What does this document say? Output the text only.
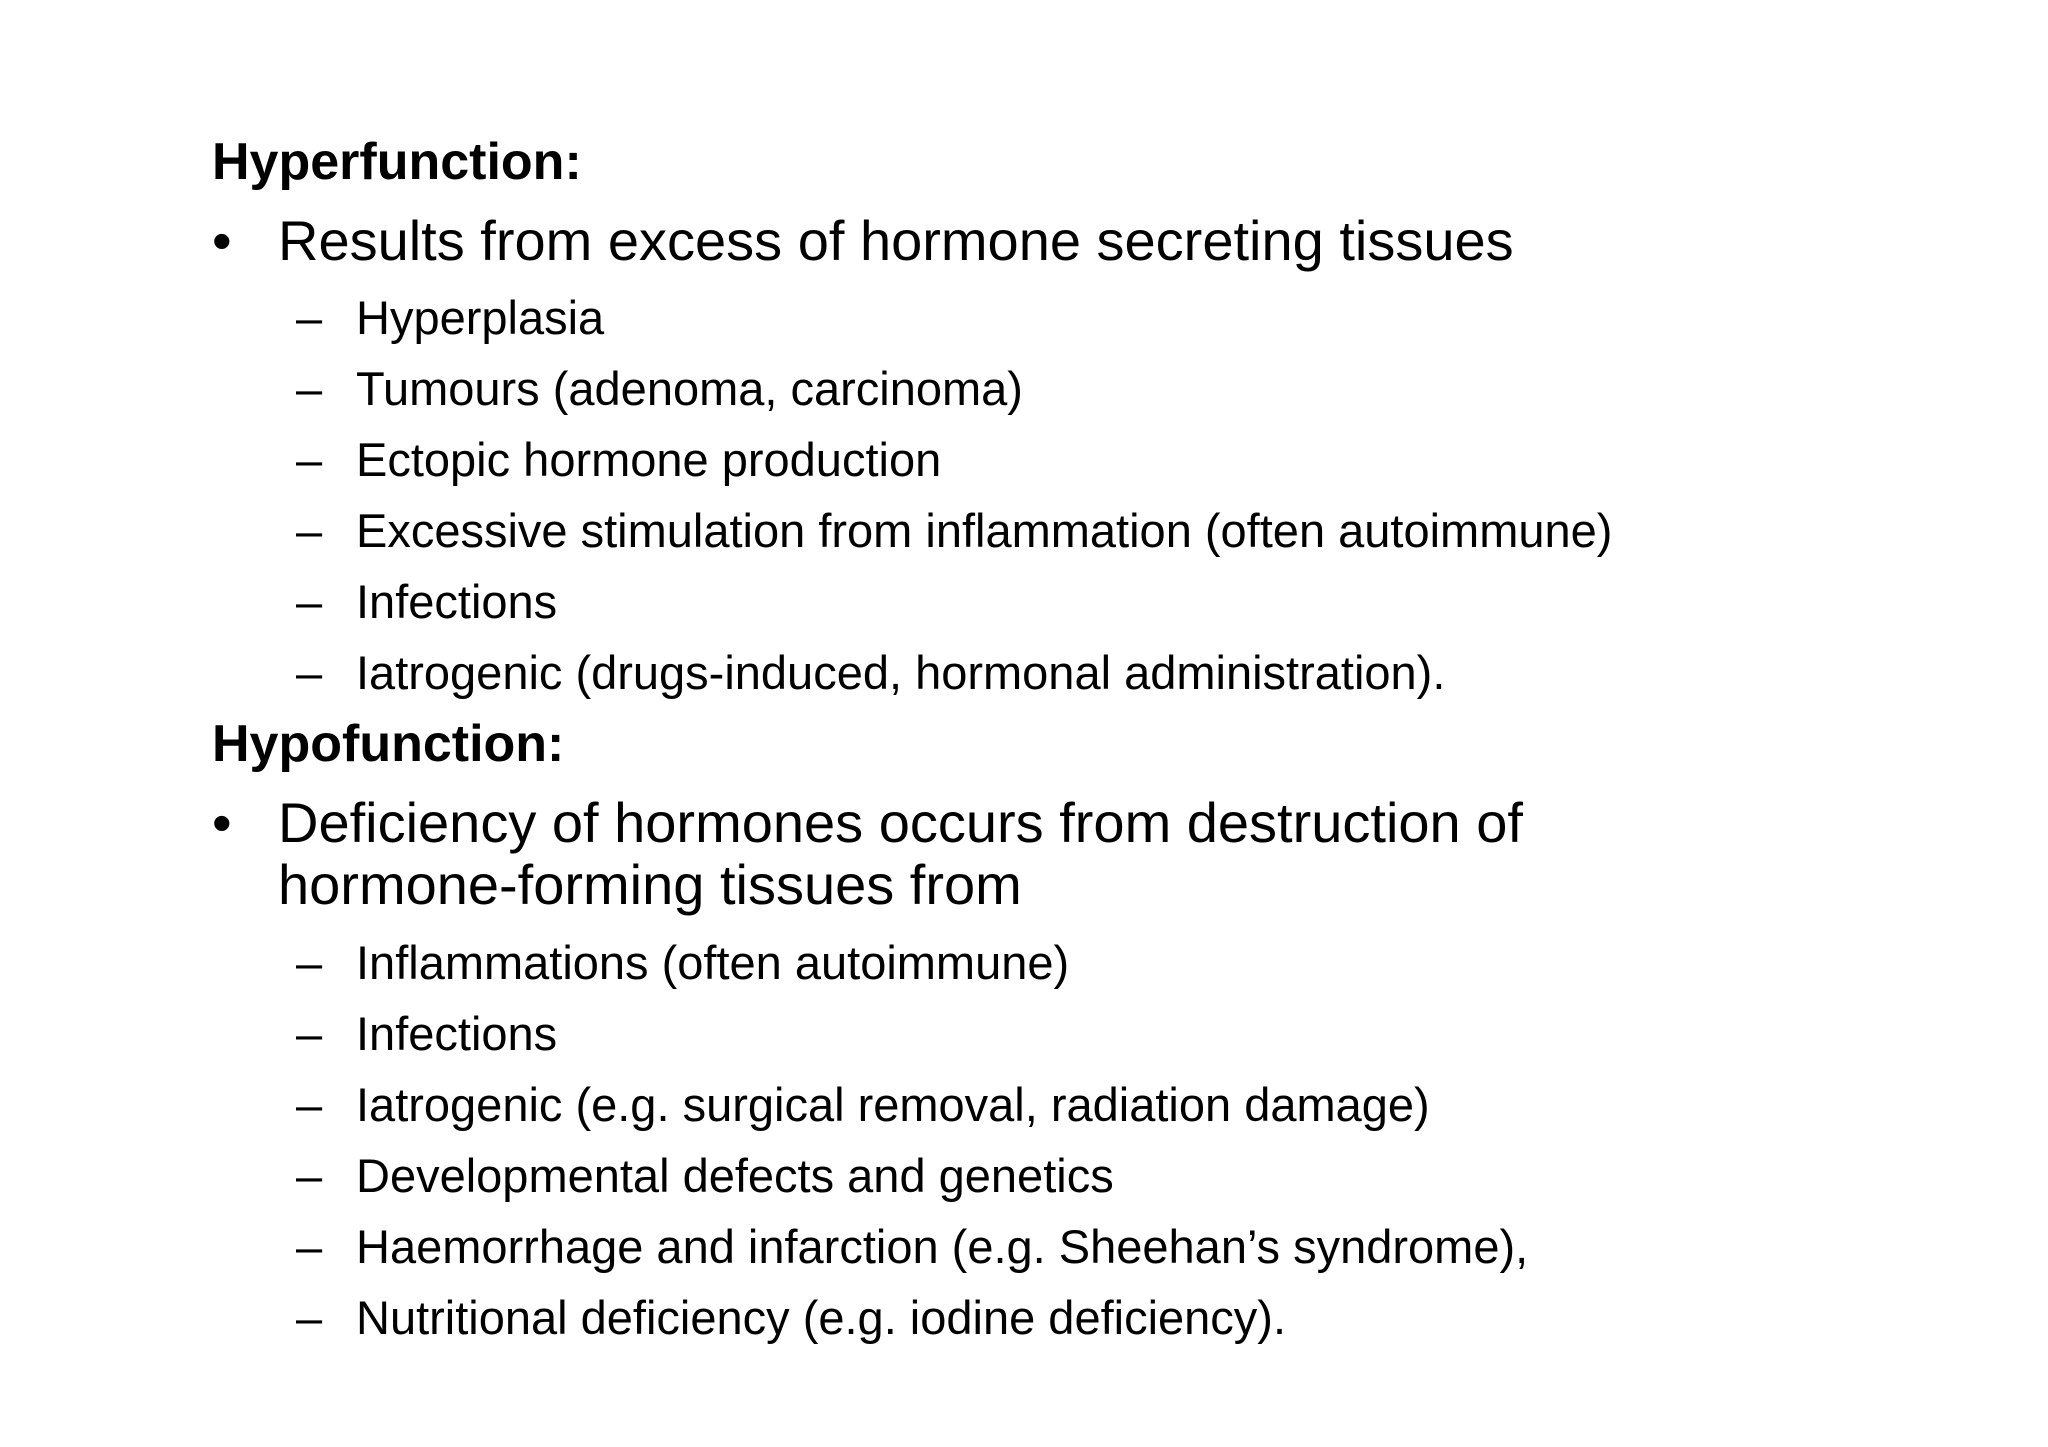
Hyperfunction:
• Results from excess of hormone secreting tissues
– Hyperplasia
– Tumours (adenoma, carcinoma)
– Ectopic hormone production
– Excessive stimulation from inflammation (often autoimmune)
– Infections
– Iatrogenic (drugs-induced, hormonal administration).
Hypofunction:
• Deficiency of hormones occurs from destruction of hormone-forming tissues from
– Inflammations (often autoimmune)
– Infections
– Iatrogenic (e.g. surgical removal, radiation damage)
– Developmental defects and genetics
– Haemorrhage and infarction (e.g. Sheehan’s syndrome),
– Nutritional deficiency (e.g. iodine deficiency).
